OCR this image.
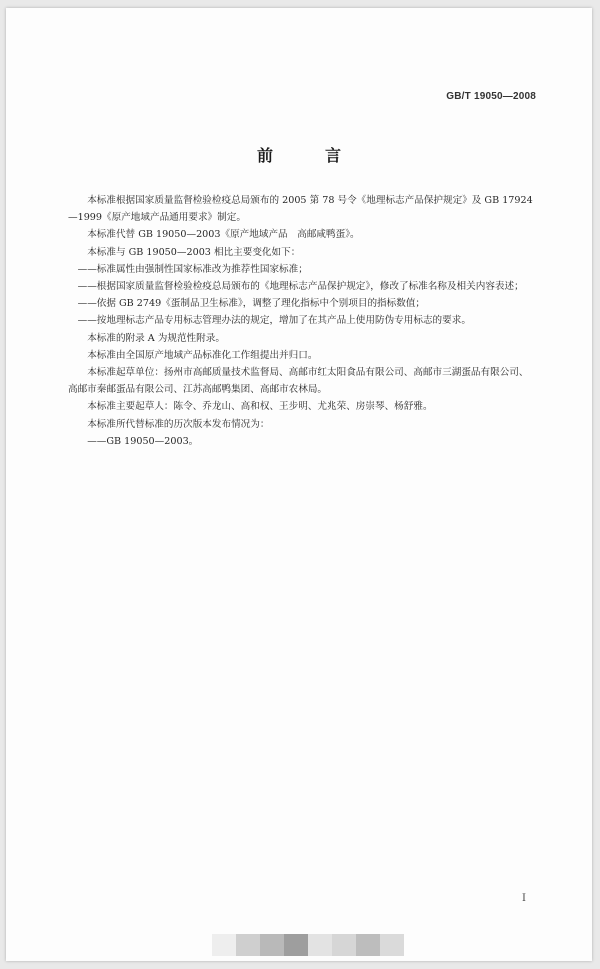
GB/T 19050—2008
前　言

本标准根据国家质量监督检验检疫总局颁布的 2005 第 78 号令《地理标志产品保护规定》及 GB 17924—1999《原产地域产品通用要求》制定。

本标准代替 GB 19050—2003《原产地域产品　高邮咸鸭蛋》。

本标准与 GB 19050—2003 相比主要变化如下：

——标准属性由强制性国家标准改为推荐性国家标准；

——根据国家质量监督检验检疫总局颁布的《地理标志产品保护规定》，修改了标准名称及相关内容表述；

——依据 GB 2749《蛋制品卫生标准》，调整了理化指标中个别项目的指标数值；

——按地理标志产品专用标志管理办法的规定，增加了在其产品上使用防伪专用标志的要求。

本标准的附录 A 为规范性附录。

本标准由全国原产地域产品标准化工作组提出并归口。

本标准起草单位：扬州市高邮质量技术监督局、高邮市红太阳食品有限公司、高邮市三湖蛋品有限公司、高邮市秦邮蛋品有限公司、江苏高邮鸭集团、高邮市农林局。

本标准主要起草人：陈令、乔龙山、高和权、王步明、尤兆荣、房崇琴、杨舒雅。

本标准所代替标准的历次版本发布情况为：

——GB 19050—2003。

I
